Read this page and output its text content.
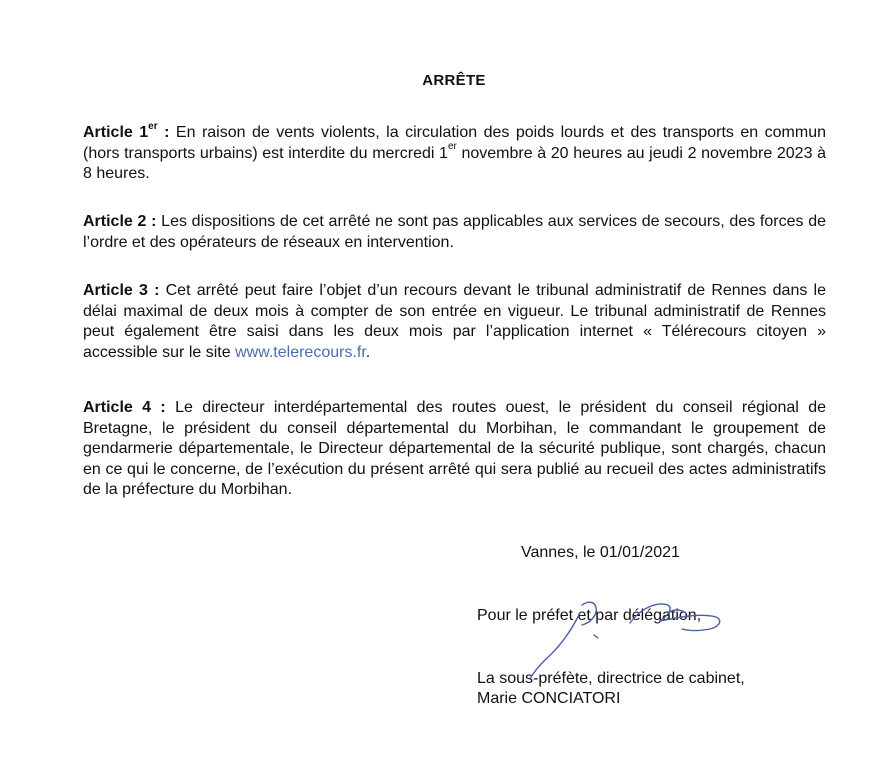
ARRÊTE
Article 1er : En raison de vents violents, la circulation des poids lourds et des transports en commun (hors transports urbains) est interdite du mercredi 1er novembre à 20 heures au jeudi 2 novembre 2023 à 8 heures.
Article 2 : Les dispositions de cet arrêté ne sont pas applicables aux services de secours, des forces de l’ordre et des opérateurs de réseaux en intervention.
Article 3 : Cet arrêté peut faire l’objet d’un recours devant le tribunal administratif de Rennes dans le délai maximal de deux mois à compter de son entrée en vigueur. Le tribunal administratif de Rennes peut également être saisi dans les deux mois par l’application internet « Télérecours citoyen » accessible sur le site www.telerecours.fr.
Article 4 : Le directeur interdépartemental des routes ouest, le président du conseil régional de Bretagne, le président du conseil départemental du Morbihan, le commandant le groupement de gendarmerie départementale, le Directeur départemental de la sécurité publique, sont chargés, chacun en ce qui le concerne, de l’exécution du présent arrêté qui sera publié au recueil des actes administratifs de la préfecture du Morbihan.
Vannes, le 01/01/2021
Pour le préfet et par délégation,
La sous-préfète, directrice de cabinet,
Marie CONCIATORI
